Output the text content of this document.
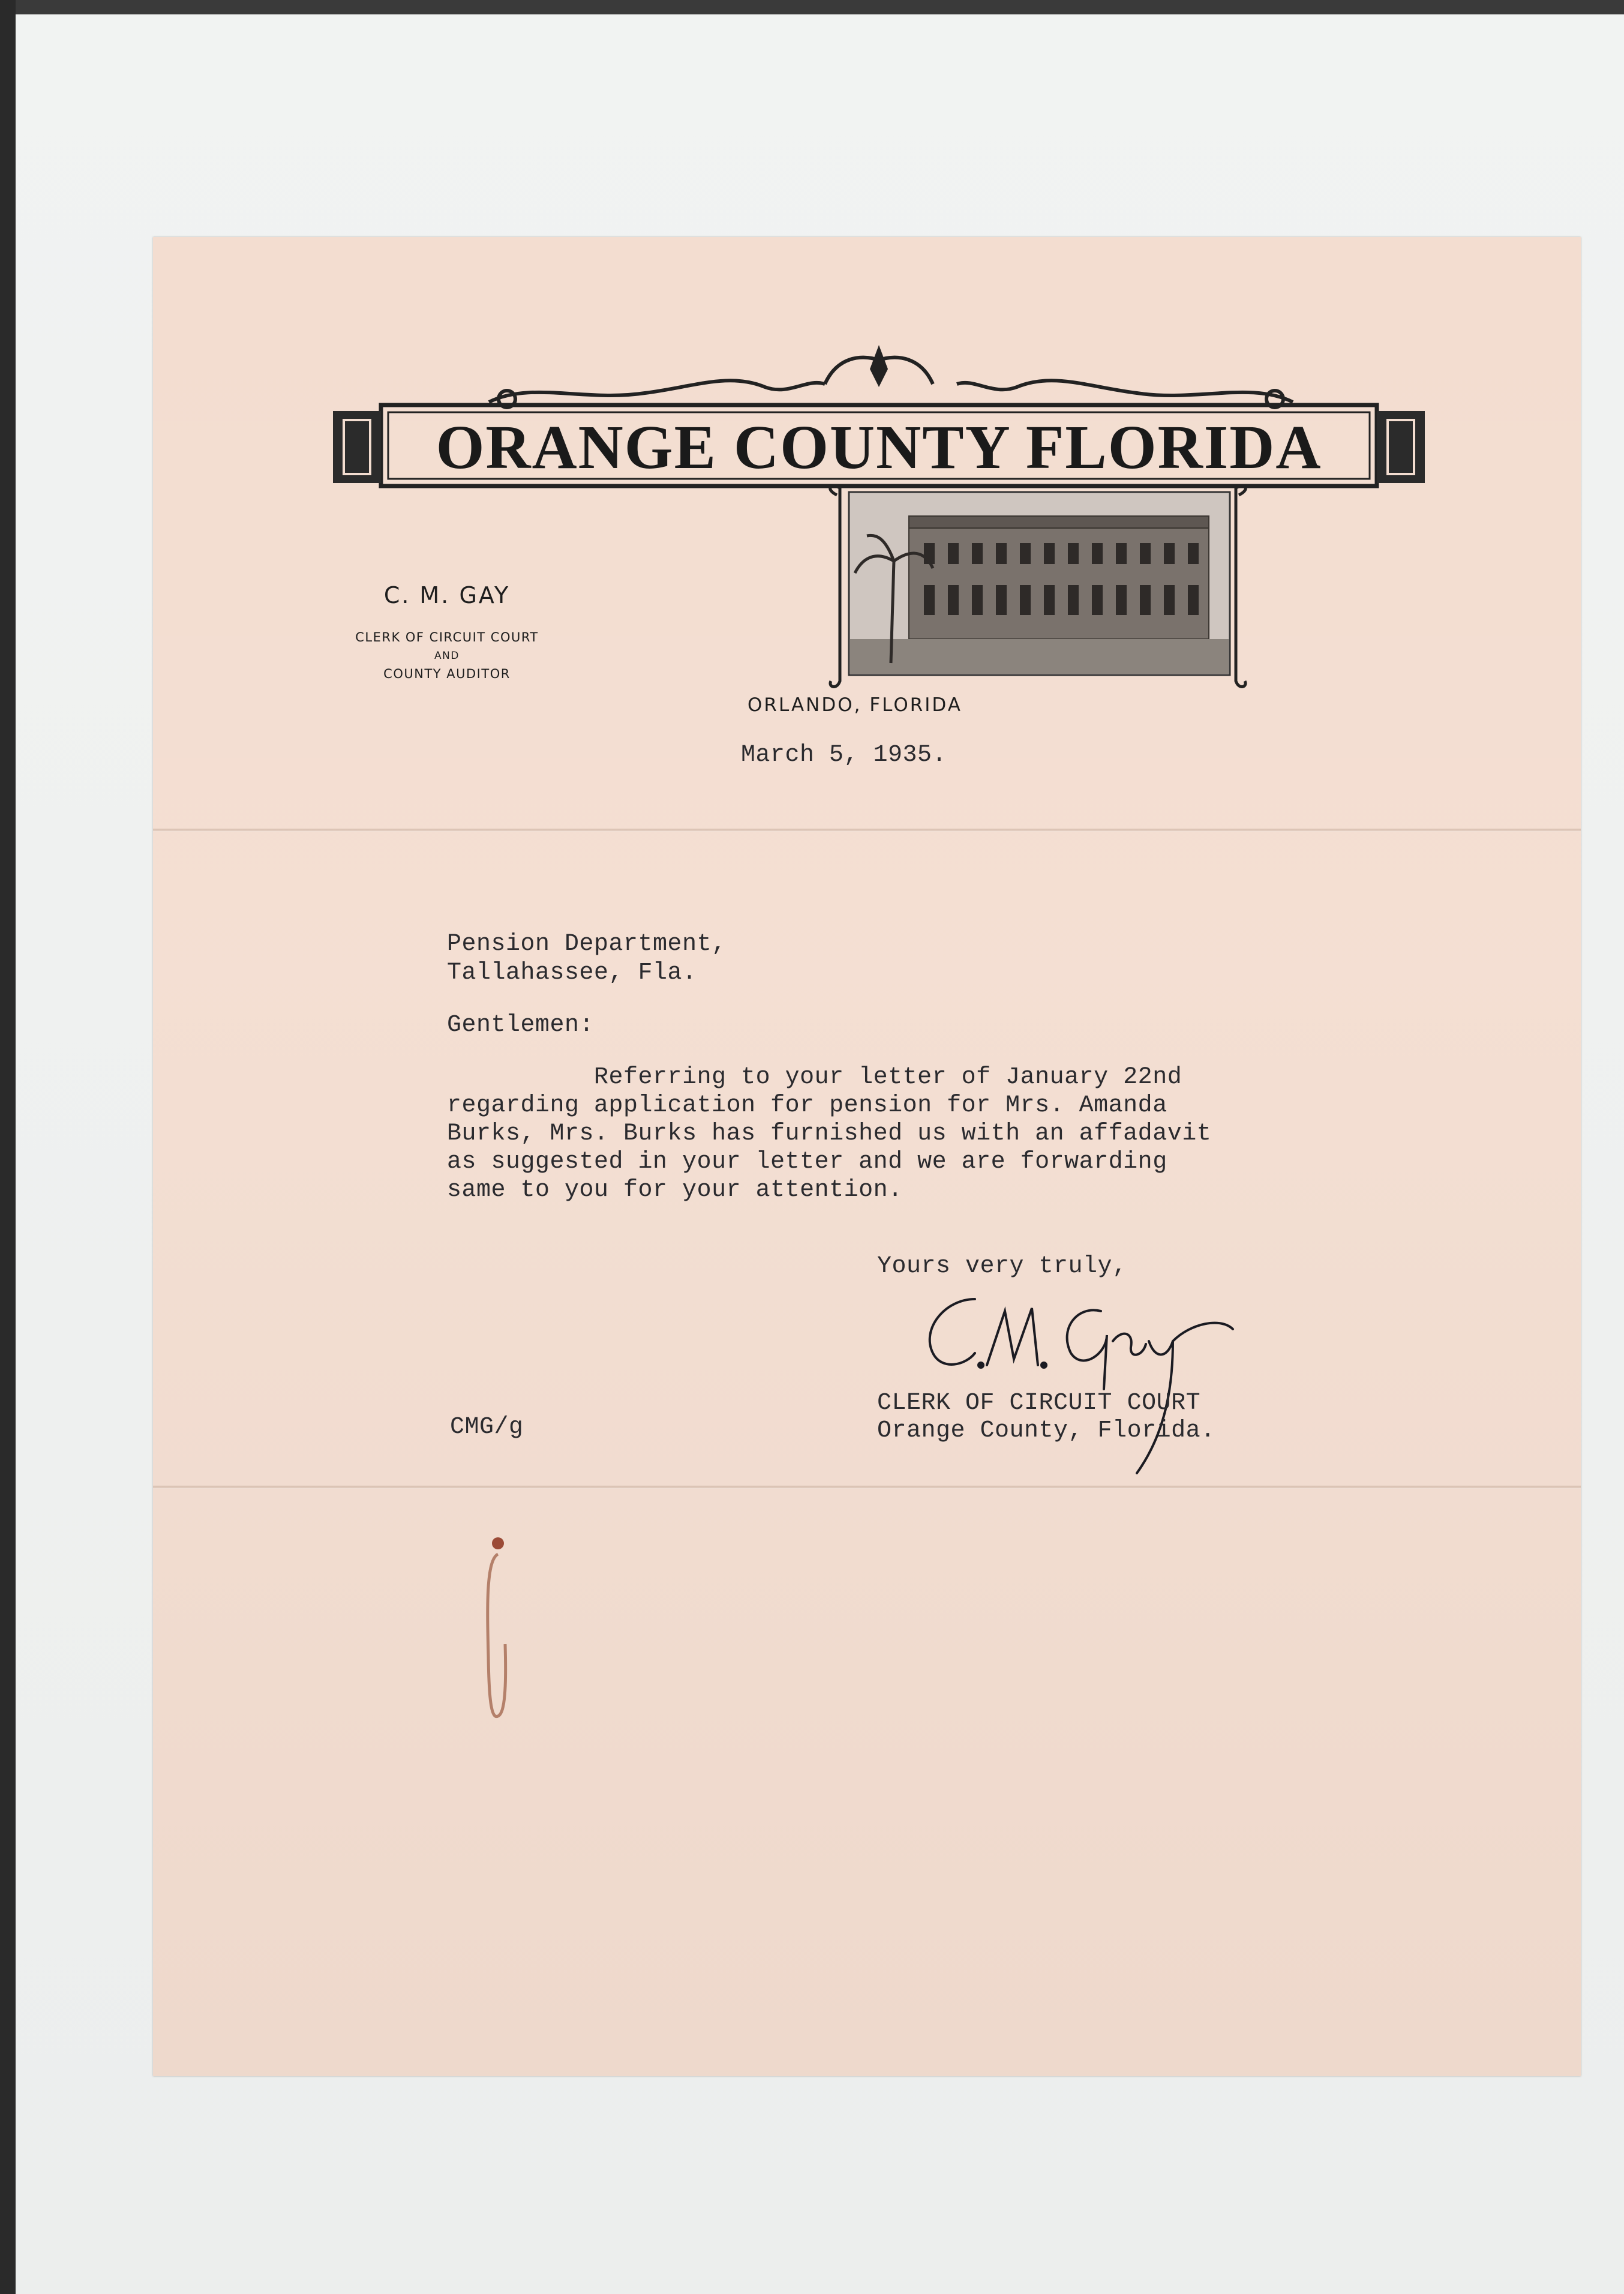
ORANGE COUNTY FLORIDA
C. M. GAY
CLERK OF CIRCUIT COURT
AND
COUNTY AUDITOR
ORLANDO, FLORIDA
March 5, 1935.
Pension Department,
Tallahassee, Fla.
Gentlemen:
Referring to your letter of January 22nd
regarding application for pension for Mrs. Amanda
Burks, Mrs. Burks has furnished us with an affadavit
as suggested in your letter and we are forwarding
same to you for your attention.
Yours very truly,
CLERK OF CIRCUIT COURT
Orange County, Florida.
CMG/g
